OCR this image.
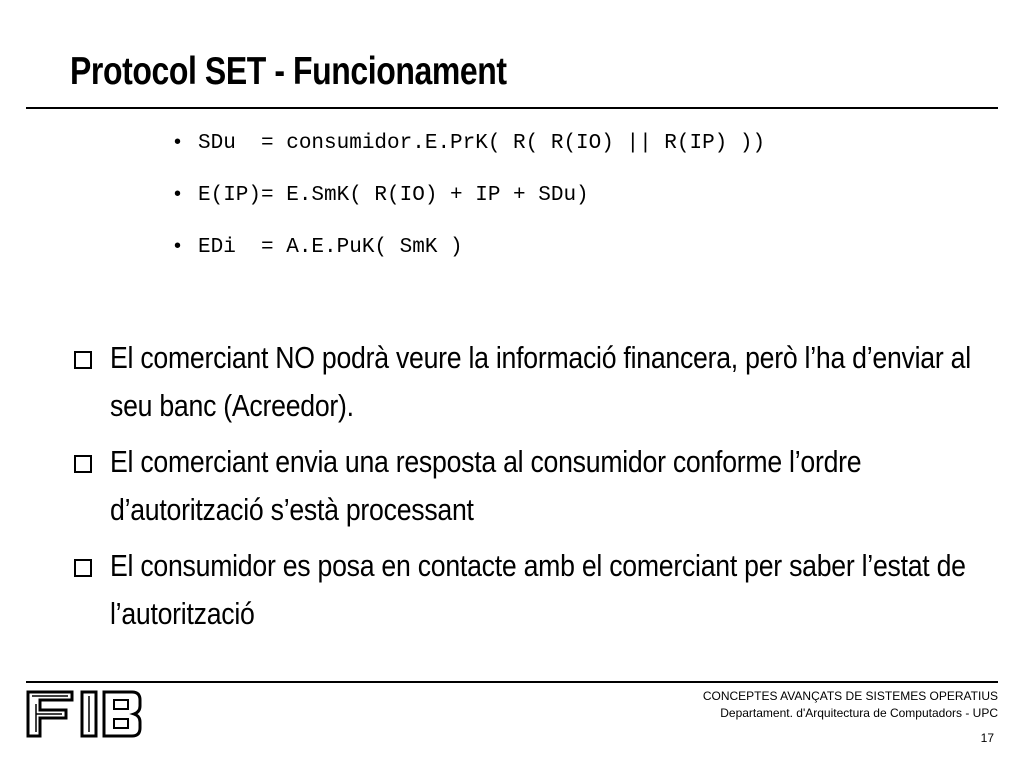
Protocol SET - Funcionament
• SDu  = consumidor.E.PrK( R( R(IO) || R(IP) ))
• E(IP)= E.SmK( R(IO) + IP + SDu)
• EDi  = A.E.PuK( SmK )
El comerciant NO podrà veure la informació financera, però l’ha d’enviar al seu banc (Acreedor).
El comerciant envia una resposta al consumidor conforme l’ordre d’autorització s’està processant
El consumidor es posa en contacte amb el comerciant per saber l’estat de l’autorització
CONCEPTES AVANÇATS DE SISTEMES OPERATIUS
Departament. d'Arquitectura de Computadors - UPC
17
